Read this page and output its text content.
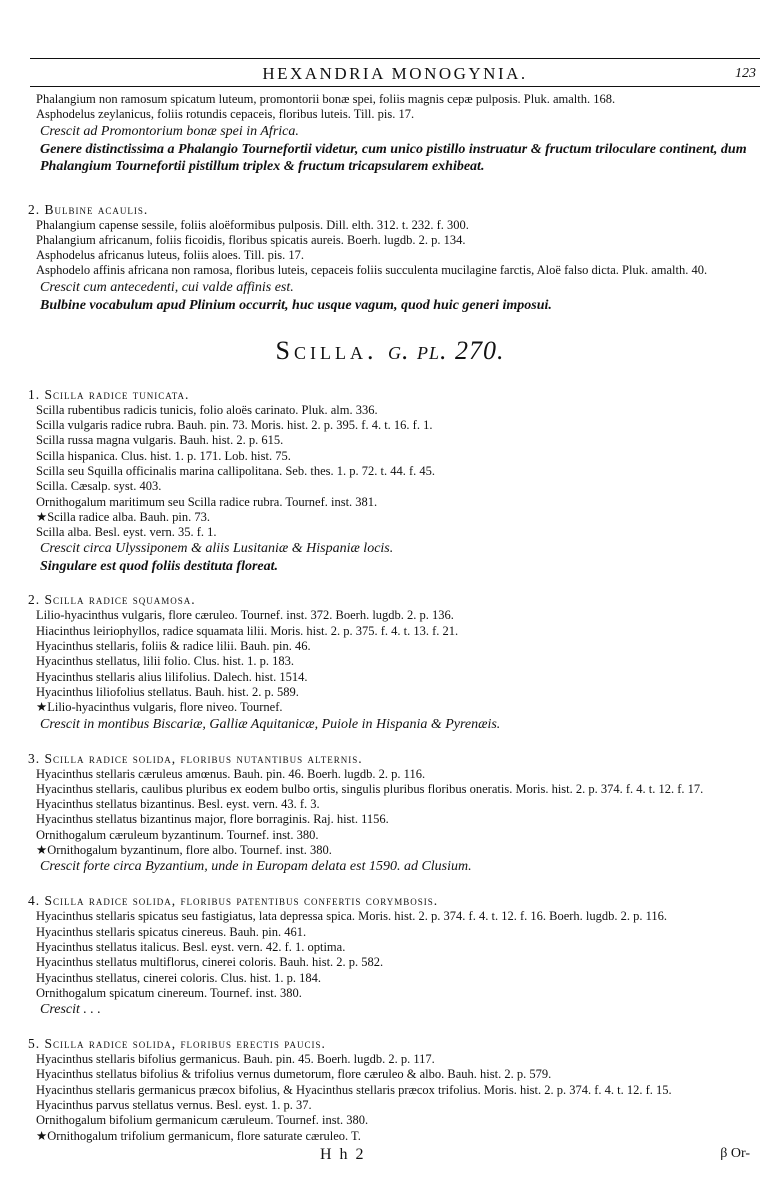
HEXANDRIA MONOGYNIA.	123
Phalangium non ramosum spicatum luteum, promontorii bonæ spei, foliis magnis cepæ pulposis. Pluk. amalth. 168.
Asphodelus zeylanicus, foliis rotundis cepaceis, floribus luteis. Till. pis. 17.
Crescit ad Promontorium bonæ spei in Africa.
Genere distinctissima a Phalangio Tournefortii videtur, cum unico pistillo instruatur & fructum triloculare continent, dum Phalangium Tournefortii pistillum triplex & fructum tricapsularem exhibeat.
2. Bulbine acaulis.
Phalangium capense sessile, foliis aloëformibus pulposis. Dill. elth. 312. t. 232. f. 300.
Phalangium africanum, foliis ficoidis, floribus spicatis aureis. Boerh. lugdb. 2. p. 134.
Asphodelus africanus luteus, foliis aloes. Till. pis. 17.
Asphodelo affinis africana non ramosa, floribus luteis, cepaceis foliis succulenta mucilagine farctis, Aloë falso dicta. Pluk. amalth. 40.
Crescit cum antecedenti, cui valde affinis est.
Bulbine vocabulum apud Plinium occurrit, huc usque vagum, quod huic generi imposui.
Scilla. g. pl. 270.
1. Scilla radice tunicata.
Scilla rubentibus radicis tunicis, folio aloës carinato. Pluk. alm. 336.
Scilla vulgaris radice rubra. Bauh. pin. 73. Moris. hist. 2. p. 395. f. 4. t. 16. f. 1.
Scilla russa magna vulgaris. Bauh. hist. 2. p. 615.
Scilla hispanica. Clus. hist. 1. p. 171. Lob. hist. 75.
Scilla seu Squilla officinalis marina callipolitana. Seb. thes. 1. p. 72. t. 44. f. 45.
Scilla. Cæsalp. syst. 403.
Ornithogalum maritimum seu Scilla radice rubra. Tournef. inst. 381.
★Scilla radice alba. Bauh. pin. 73.
Scilla alba. Besl. eyst. vern. 35. f. 1.
Crescit circa Ulyssiponem & aliis Lusitaniæ & Hispaniæ locis.
Singulare est quod foliis destituta floreat.
2. Scilla radice squamosa.
Lilio-hyacinthus vulgaris, flore cæruleo. Tournef. inst. 372. Boerh. lugdb. 2. p. 136.
Hiacinthus leiriophyllos, radice squamata lilii. Moris. hist. 2. p. 375. f. 4. t. 13. f. 21.
Hyacinthus stellaris, foliis & radice lilii. Bauh. pin. 46.
Hyacinthus stellatus, lilii folio. Clus. hist. 1. p. 183.
Hyacinthus stellaris alius lilifolius. Dalech. hist. 1514.
Hyacinthus liliofolius stellatus. Bauh. hist. 2. p. 589.
★Lilio-hyacinthus vulgaris, flore niveo. Tournef.
Crescit in montibus Biscariæ, Galliæ Aquitanicæ, Puiole in Hispania & Pyrenæis.
3. Scilla radice solida, floribus nutantibus alternis.
Hyacinthus stellaris cæruleus amœnus. Bauh. pin. 46. Boerh. lugdb. 2. p. 116.
Hyacinthus stellaris, caulibus pluribus ex eodem bulbo ortis, singulis pluribus floribus oneratis. Moris. hist. 2. p. 374. f. 4. t. 12. f. 17.
Hyacinthus stellatus bizantinus. Besl. eyst. vern. 43. f. 3.
Hyacinthus stellatus bizantinus major, flore borraginis. Raj. hist. 1156.
Ornithogalum cæruleum byzantinum. Tournef. inst. 380.
★Ornithogalum byzantinum, flore albo. Tournef. inst. 380.
Crescit forte circa Byzantium, unde in Europam delata est 1590. ad Clusium.
4. Scilla radice solida, floribus patentibus confertis corymbosis.
Hyacinthus stellaris spicatus seu fastigiatus, lata depressa spica. Moris. hist. 2. p. 374. f. 4. t. 12. f. 16. Boerh. lugdb. 2. p. 116.
Hyacinthus stellaris spicatus cinereus. Bauh. pin. 461.
Hyacinthus stellatus italicus. Besl. eyst. vern. 42. f. 1. optima.
Hyacinthus stellatus multiflorus, cinerei coloris. Bauh. hist. 2. p. 582.
Hyacinthus stellatus, cinerei coloris. Clus. hist. 1. p. 184.
Ornithogalum spicatum cinereum. Tournef. inst. 380.
Crescit . . .
5. Scilla radice solida, floribus erectis paucis.
Hyacinthus stellaris bifolius germanicus. Bauh. pin. 45. Boerh. lugdb. 2. p. 117.
Hyacinthus stellatus bifolius & trifolius vernus dumetorum, flore cæruleo & albo. Bauh. hist. 2. p. 579.
Hyacinthus stellaris germanicus præcox bifolius, & Hyacinthus stellaris præcox trifolius. Moris. hist. 2. p. 374. f. 4. t. 12. f. 15.
Hyacinthus parvus stellatus vernus. Besl. eyst. 1. p. 37.
Ornithogalum bifolium germanicum cæruleum. Tournef. inst. 380.
★Ornithogalum trifolium germanicum, flore saturate cæruleo. T.
H h 2	β Or-
